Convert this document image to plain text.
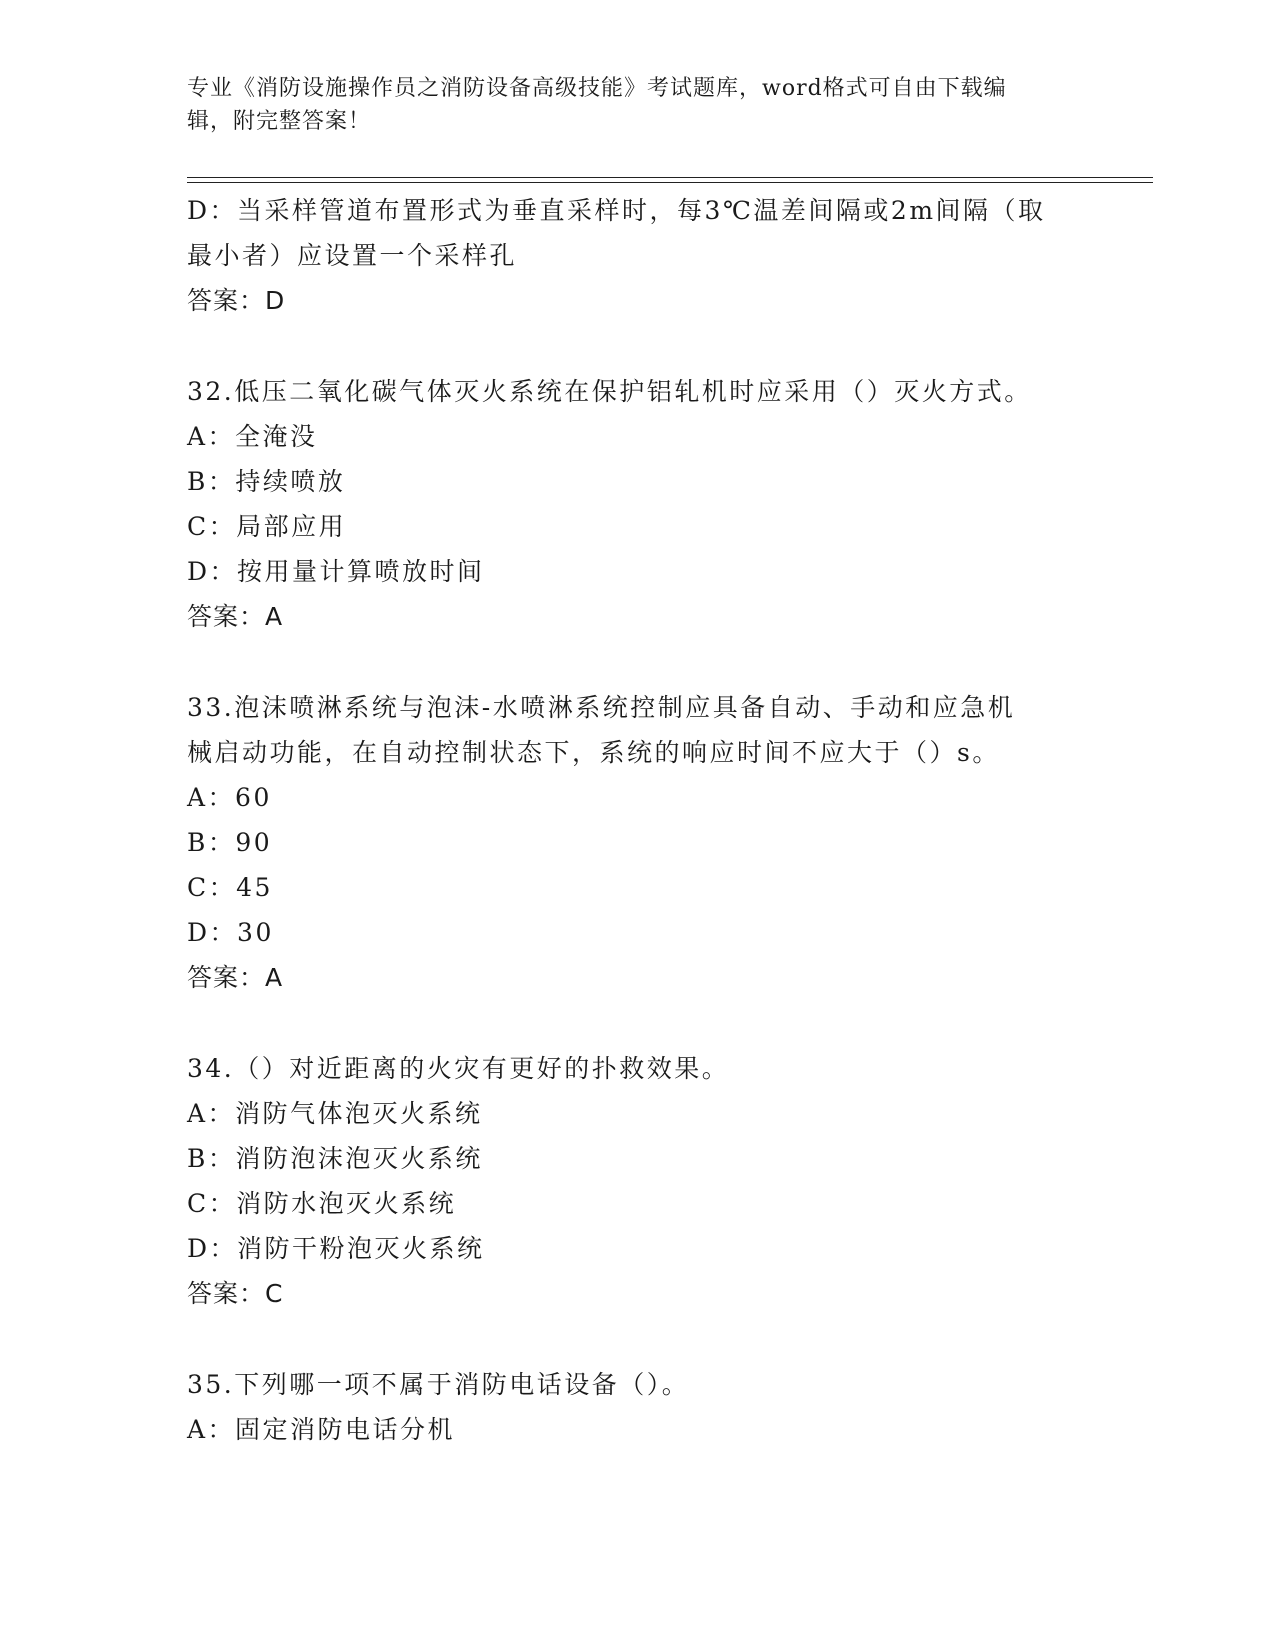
专业《消防设施操作员之消防设备高级技能》考试题库，word格式可自由下载编
辑，附完整答案！
D：当采样管道布置形式为垂直采样时，每3℃温差间隔或2m间隔（取
最小者）应设置一个采样孔
答案：D
32.低压二氧化碳气体灭火系统在保护铝轧机时应采用（）灭火方式。
A：全淹没
B：持续喷放
C：局部应用
D：按用量计算喷放时间
答案：A
33.泡沫喷淋系统与泡沫-水喷淋系统控制应具备自动、手动和应急机
械启动功能，在自动控制状态下，系统的响应时间不应大于（）s。
A：60
B：90
C：45
D：30
答案：A
34.（）对近距离的火灾有更好的扑救效果。
A：消防气体泡灭火系统
B：消防泡沫泡灭火系统
C：消防水泡灭火系统
D：消防干粉泡灭火系统
答案：C
35.下列哪一项不属于消防电话设备（）。
A：固定消防电话分机
